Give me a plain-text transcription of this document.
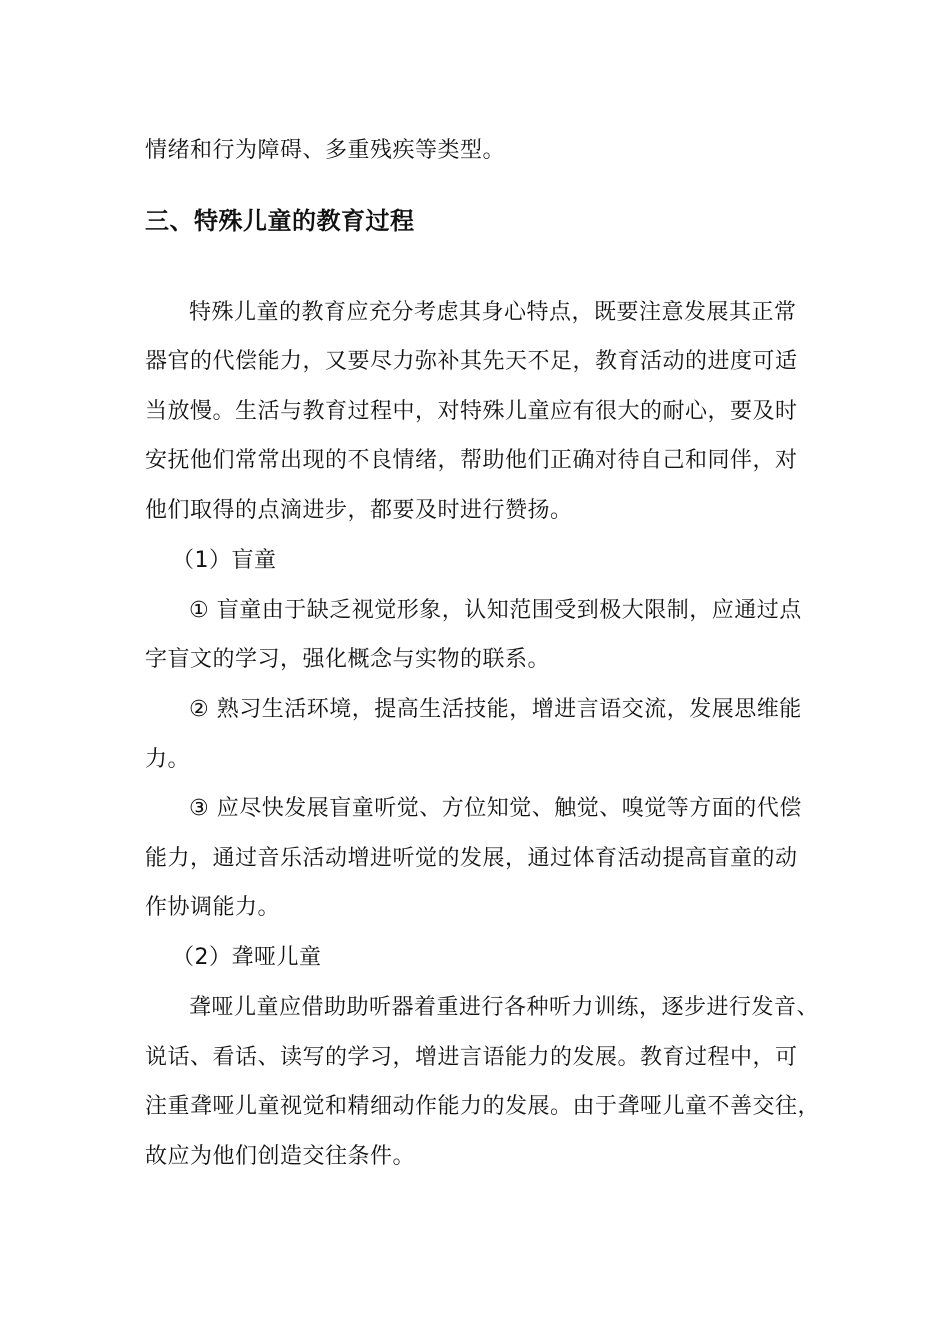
情绪和行为障碍、多重残疾等类型。
三、特殊儿童的教育过程
特殊儿童的教育应充分考虑其身心特点，既要注意发展其正常
器官的代偿能力，又要尽力弥补其先天不足，教育活动的进度可适
当放慢。生活与教育过程中，对特殊儿童应有很大的耐心，要及时
安抚他们常常出现的不良情绪，帮助他们正确对待自己和同伴，对
他们取得的点滴进步，都要及时进行赞扬。
（1）盲童
① 盲童由于缺乏视觉形象，认知范围受到极大限制，应通过点
字盲文的学习，强化概念与实物的联系。
② 熟习生活环境，提高生活技能，增进言语交流，发展思维能
力。
③ 应尽快发展盲童听觉、方位知觉、触觉、嗅觉等方面的代偿
能力，通过音乐活动增进听觉的发展，通过体育活动提高盲童的动
作协调能力。
（2）聋哑儿童
聋哑儿童应借助助听器着重进行各种听力训练，逐步进行发音、
说话、看话、读写的学习，增进言语能力的发展。教育过程中，可
注重聋哑儿童视觉和精细动作能力的发展。由于聋哑儿童不善交往，
故应为他们创造交往条件。
